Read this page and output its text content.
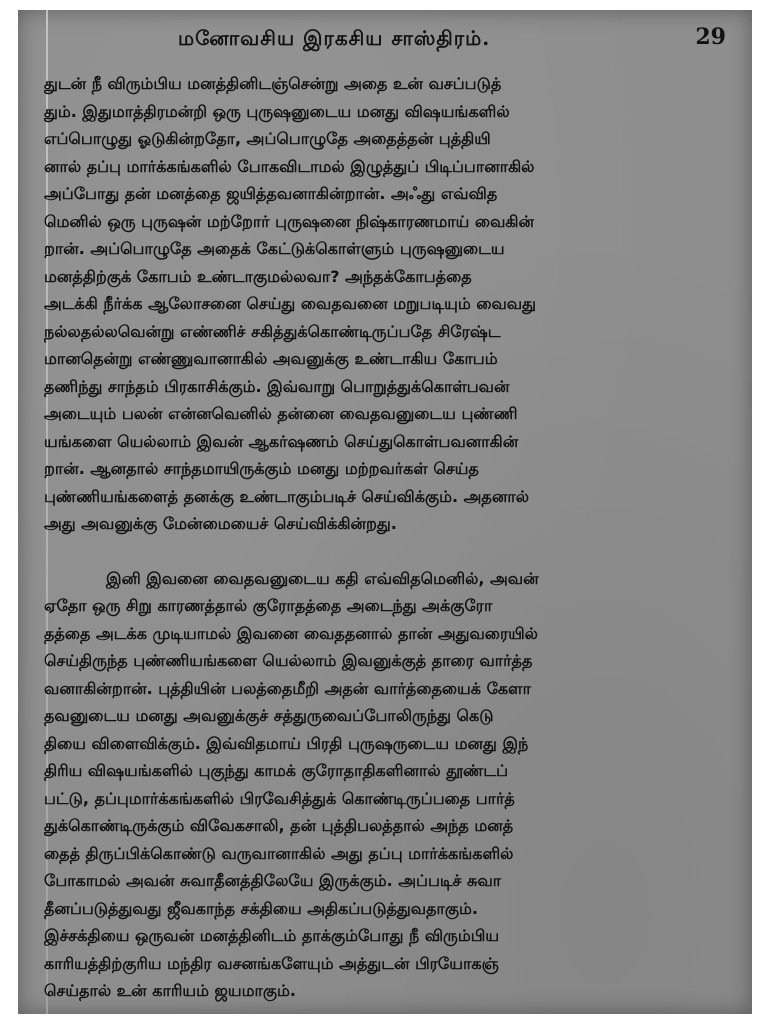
மனோவசிய இரகசிய சாஸ்திரம்.	29
துடன் நீ விரும்பிய மனத்தினிடஞ்சென்று அதை உன் வசப்படுத்
தும். இதுமாத்திரமன்றி ஒரு புருஷனுடைய மனது விஷயங்களில்
எப்பொழுது ஓடுகின்றதோ, அப்பொழுதே அதைத்தன் புத்தியி
னால் தப்பு மார்க்கங்களில் போகவிடாமல் இழுத்துப் பிடிப்பானாகில்
அப்போது தன் மனத்தை ஜயித்தவனாகின்றான். அஃது எவ்வித
மெனில் ஒரு புருஷன் மற்றோர் புருஷனை நிஷ்காரணமாய் வைகின்
றான். அப்பொழுதே அதைக் கேட்டுக்கொள்ளும் புருஷனுடைய
மனத்திற்குக் கோபம் உண்டாகுமல்லவா? அந்தக்கோபத்தை
அடக்கி நீர்க்க ஆலோசனை செய்து வைதவனை மறுபடியும் வைவது
நல்லதல்லவென்று எண்ணிச் சகித்துக்கொண்டிருப்பதே சிரேஷ்ட
மானதென்று எண்ணுவானாகில் அவனுக்கு உண்டாகிய கோபம்
தணிந்து சாந்தம் பிரகாசிக்கும். இவ்வாறு பொறுத்துக்கொள்பவன்
அடையும் பலன் என்னவெனில் தன்னை வைதவனுடைய புண்ணி
யங்களை யெல்லாம் இவன் ஆகர்ஷணம் செய்துகொள்பவனாகின்
றான். ஆனதால் சாந்தமாயிருக்கும் மனது மற்றவர்கள் செய்த
புண்ணியங்களைத் தனக்கு உண்டாகும்படிச் செய்விக்கும். அதனால்
அது அவனுக்கு மேன்மையைச் செய்விக்கின்றது.
இனி இவனை வைதவனுடைய கதி எவ்விதமெனில், அவன்
ஏதோ ஒரு சிறு காரணத்தால் குரோதத்தை அடைந்து அக்குரோ
தத்தை அடக்க முடியாமல் இவனை வைததனால் தான் அதுவரையில்
செய்திருந்த புண்ணியங்களை யெல்லாம் இவனுக்குத் தாரை வார்த்த
வனாகின்றான். புத்தியின் பலத்தைமீறி அதன் வார்த்தையைக் கேளா
தவனுடைய மனது அவனுக்குச் சத்துருவைப்போலிருந்து கெடு
தியை விளைவிக்கும். இவ்விதமாய் பிரதி புருஷருடைய மனது இந்
திரிய விஷயங்களில் புகுந்து காமக் குரோதாதிகளினால் தூண்டப்
பட்டு, தப்புமார்க்கங்களில் பிரவேசித்துக் கொண்டிருப்பதை பார்த்
துக்கொண்டிருக்கும் விவேகசாலி, தன் புத்திபலத்தால் அந்த மனத்
தைத் திருப்பிக்கொண்டு வருவானாகில் அது தப்பு மார்க்கங்களில்
போகாமல் அவன் சுவாதீனத்திலேயே இருக்கும். அப்படிச் சுவா
தீனப்படுத்துவது ஜீவகாந்த சக்தியை அதிகப்படுத்துவதாகும்.
இச்சக்தியை ஒருவன் மனத்தினிடம் தாக்கும்போது நீ விரும்பிய
காரியத்திற்குரிய மந்திர வசனங்களேயும் அத்துடன் பிரயோகஞ்
செய்தால் உன் காரியம் ஜயமாகும்.
